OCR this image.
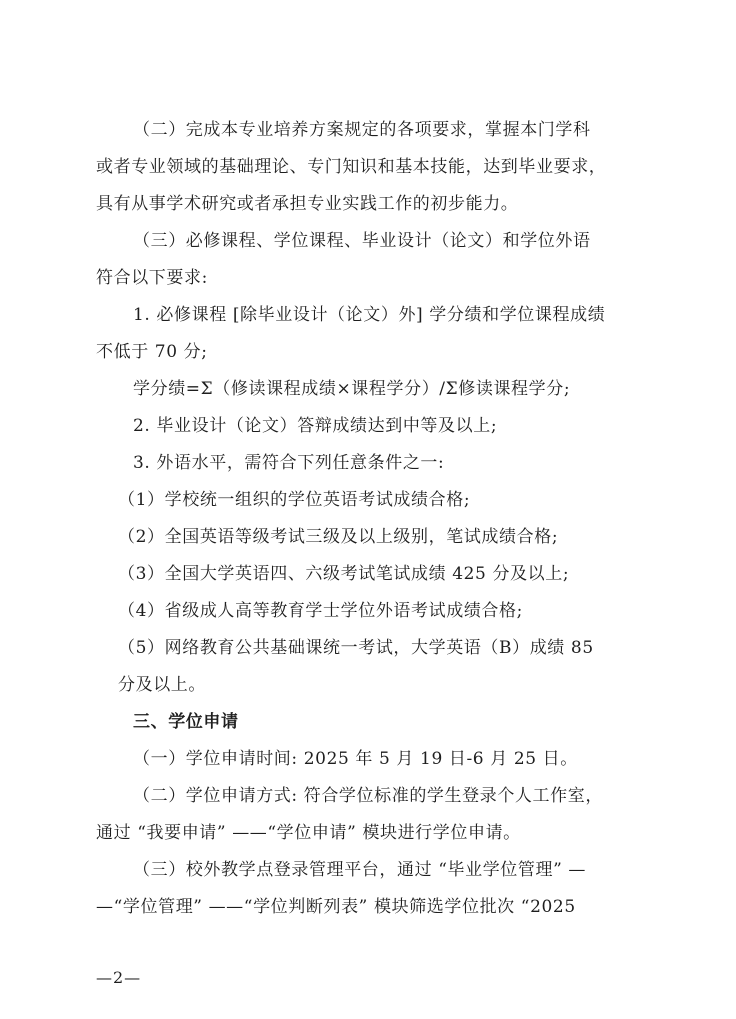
（二）完成本专业培养方案规定的各项要求，掌握本门学科
或者专业领域的基础理论、专门知识和基本技能，达到毕业要求，
具有从事学术研究或者承担专业实践工作的初步能力。
（三）必修课程、学位课程、毕业设计（论文）和学位外语
符合以下要求:
1. 必修课程 [除毕业设计（论文）外] 学分绩和学位课程成绩
不低于 70 分;
学分绩=Σ（修读课程成绩×课程学分）/Σ修读课程学分;
2. 毕业设计（论文）答辩成绩达到中等及以上;
3. 外语水平，需符合下列任意条件之一:
（1）学校统一组织的学位英语考试成绩合格;
（2）全国英语等级考试三级及以上级别，笔试成绩合格;
（3）全国大学英语四、六级考试笔试成绩 425 分及以上;
（4）省级成人高等教育学士学位外语考试成绩合格;
（5）网络教育公共基础课统一考试，大学英语（B）成绩 85
分及以上。
三、学位申请
（一）学位申请时间: 2025 年 5 月 19 日-6 月 25 日。
（二）学位申请方式: 符合学位标准的学生登录个人工作室，
通过 “我要申请” ——“学位申请” 模块进行学位申请。
（三）校外教学点登录管理平台，通过 “毕业学位管理” —
—“学位管理” ——“学位判断列表” 模块筛选学位批次 “2025
—2—
